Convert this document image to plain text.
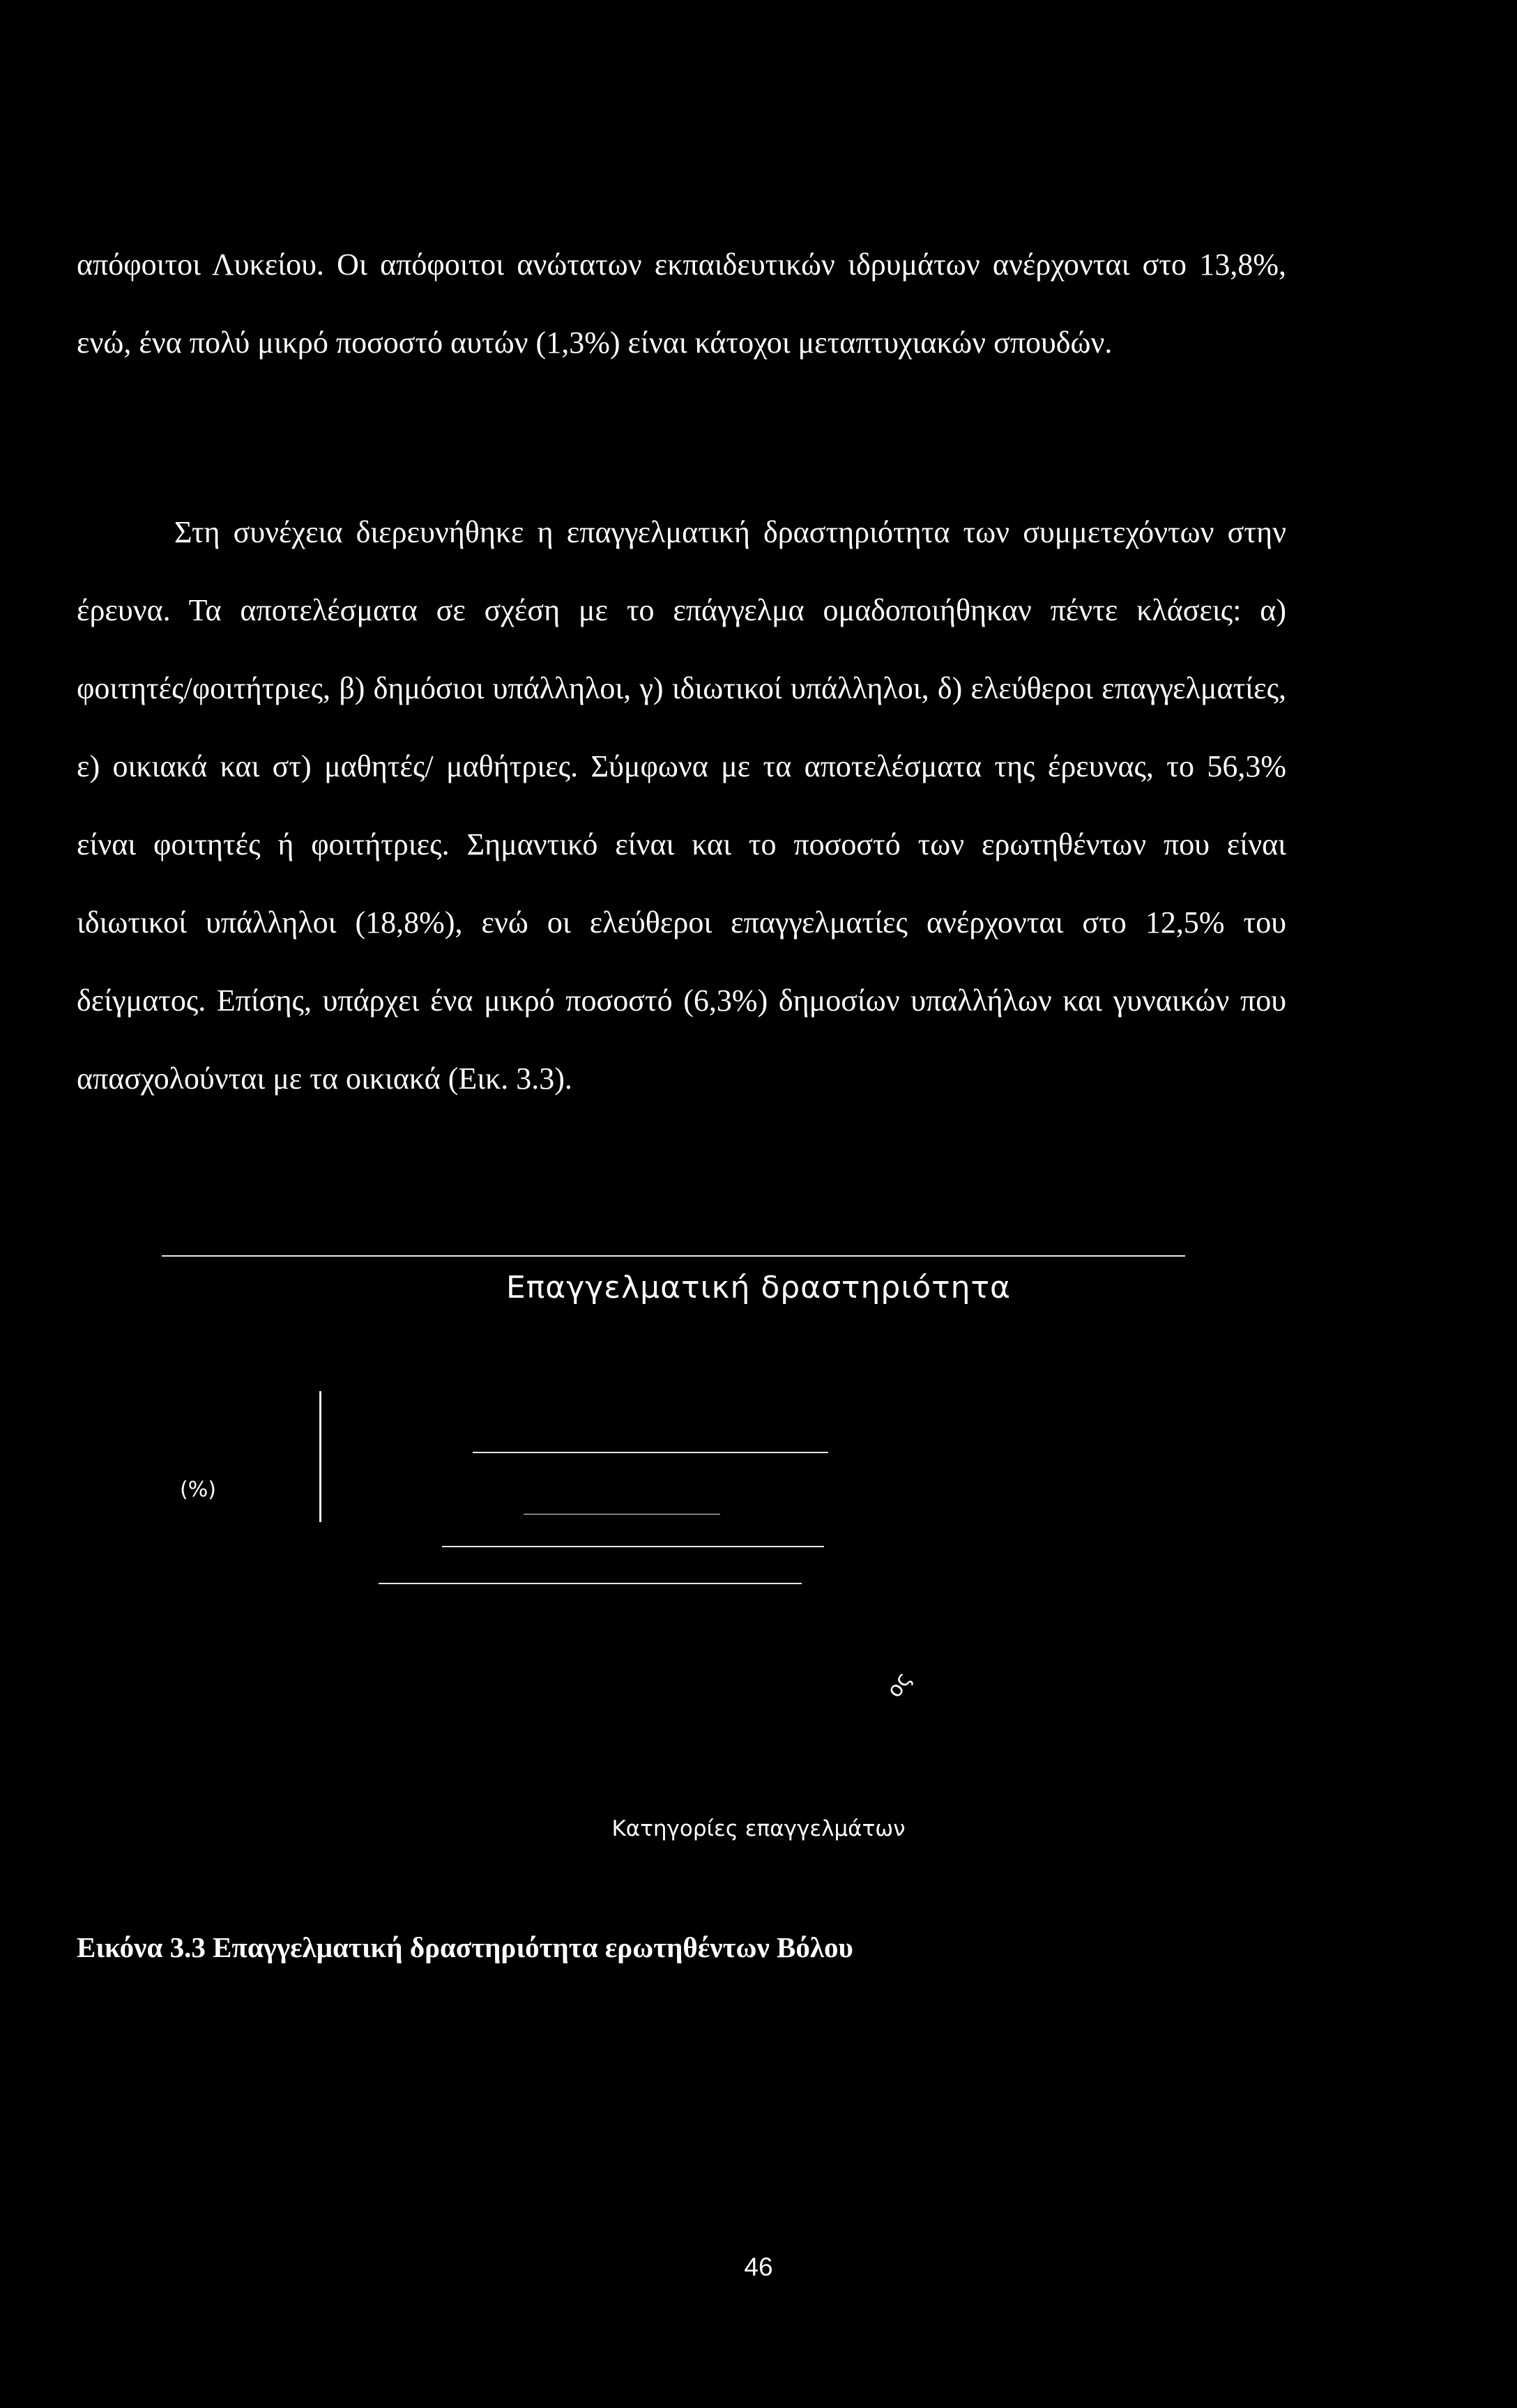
απόφοιτοι Λυκείου. Οι απόφοιτοι ανώτατων εκπαιδευτικών ιδρυμάτων ανέρχονται στο 13,8%, ενώ, ένα πολύ μικρό ποσοστό αυτών (1,3%) είναι κάτοχοι μεταπτυχιακών σπουδών.

Στη συνέχεια διερευνήθηκε η επαγγελματική δραστηριότητα των συμμετεχόντων στην έρευνα. Τα αποτελέσματα σε σχέση με το επάγγελμα ομαδοποιήθηκαν πέντε κλάσεις: α) φοιτητές/φοιτήτριες, β) δημόσιοι υπάλληλοι, γ) ιδιωτικοί υπάλληλοι, δ) ελεύθεροι επαγγελματίες, ε) οικιακά και στ) μαθητές/ μαθήτριες. Σύμφωνα με τα αποτελέσματα της έρευνας, το 56,3% είναι φοιτητές ή φοιτήτριες. Σημαντικό είναι και το ποσοστό των ερωτηθέντων που είναι ιδιωτικοί υπάλληλοι (18,8%), ενώ οι ελεύθεροι επαγγελματίες ανέρχονται στο 12,5% του δείγματος. Επίσης, υπάρχει ένα μικρό ποσοστό (6,3%) δημοσίων υπαλλήλων και γυναικών που απασχολούνται με τα οικιακά (Εικ. 3.3).

Επαγγελματική δραστηριότητα
(%)
ος
Κατηγορίες επαγγελμάτων
Εικόνα 3.3 Επαγγελματική δραστηριότητα ερωτηθέντων Βόλου
46
